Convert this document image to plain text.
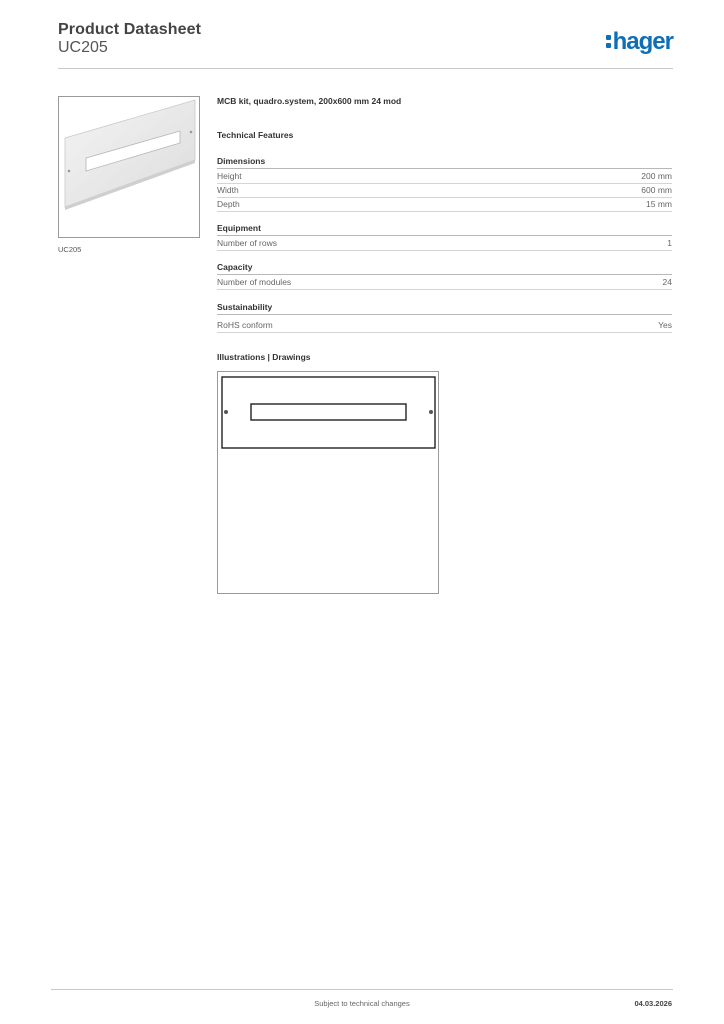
Product Datasheet
UC205	hager
UC205
MCB kit, quadro.system, 200x600 mm 24 mod
Technical Features
Dimensions
Height	200 mm
Width	600 mm
Depth	15 mm
Equipment
Number of rows	1
Capacity
Number of modules	24
Sustainability
RoHS conform	Yes
Illustrations | Drawings
Subject to technical changes	04.03.2026
